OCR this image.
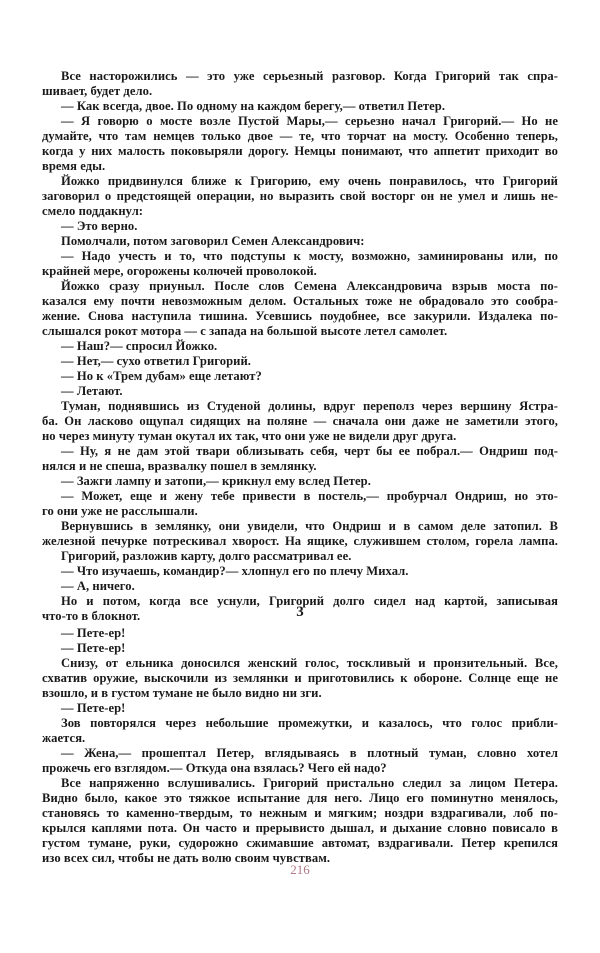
Все насторожились — это уже серьезный разговор. Когда Григорий так спра-
шивает, будет дело.
— Как всегда, двое. По одному на каждом берегу,— ответил Петер.
— Я говорю о мосте возле Пустой Мары,— серьезно начал Григорий.— Но не
думайте, что там немцев только двое — те, что торчат на мосту. Особенно теперь,
когда у них малость поковыряли дорогу. Немцы понимают, что аппетит приходит во
время еды.
Йожко придвинулся ближе к Григорию, ему очень понравилось, что Григорий
заговорил о предстоящей операции, но выразить свой восторг он не умел и лишь не-
смело поддакнул:
— Это верно.
Помолчали, потом заговорил Семен Александрович:
— Надо учесть и то, что подступы к мосту, возможно, заминированы или, по
крайней мере, огорожены колючей проволокой.
Йожко сразу приуныл. После слов Семена Александровича взрыв моста по-
казался ему почти невозможным делом. Остальных тоже не обрадовало это сообра-
жение. Снова наступила тишина. Усевшись поудобнее, все закурили. Издалека по-
слышался рокот мотора — с запада на большой высоте летел самолет.
— Наш?— спросил Йожко.
— Нет,— сухо ответил Григорий.
— Но к «Трем дубам» еще летают?
— Летают.
Туман, поднявшись из Студеной долины, вдруг переполз через вершину Ястра-
ба. Он ласково ощупал сидящих на поляне — сначала они даже не заметили этого,
но через минуту туман окутал их так, что они уже не видели друг друга.
— Ну, я не дам этой твари облизывать себя, черт бы ее побрал.— Ондриш под-
нялся и не спеша, вразвалку пошел в землянку.
— Зажги лампу и затопи,— крикнул ему вслед Петер.
— Может, еще и жену тебе привести в постель,— пробурчал Ондриш, но это-
го они уже не расслышали.
Вернувшись в землянку, они увидели, что Ондриш и в самом деле затопил. В
железной печурке потрескивал хворост. На ящике, служившем столом, горела лампа.
Григорий, разложив карту, долго рассматривал ее.
— Что изучаешь, командир?— хлопнул его по плечу Михал.
— А, ничего.
Но и потом, когда все уснули, Григорий долго сидел над картой, записывая
что-то в блокнот.	3
— Пете-ер!
— Пете-ер!
Снизу, от ельника доносился женский голос, тоскливый и пронзительный. Все,
схватив оружие, выскочили из землянки и приготовились к обороне. Солнце еще не
взошло, и в густом тумане не было видно ни зги.
— Пете-ер!
Зов повторялся через небольшие промежутки, и казалось, что голос прибли-
жается.
— Жена,— прошептал Петер, вглядываясь в плотный туман, словно хотел
прожечь его взглядом.— Откуда она взялась? Чего ей надо?
Все напряженно вслушивались. Григорий пристально следил за лицом Петера.
Видно было, какое это тяжкое испытание для него. Лицо его поминутно менялось,
становясь то каменно-твердым, то нежным и мягким; ноздри вздрагивали, лоб по-
крылся каплями пота. Он часто и прерывисто дышал, и дыхание словно повисало в
густом тумане, руки, судорожно сжимавшие автомат, вздрагивали. Петер крепился
изо всех сил, чтобы не дать волю своим чувствам.
216
